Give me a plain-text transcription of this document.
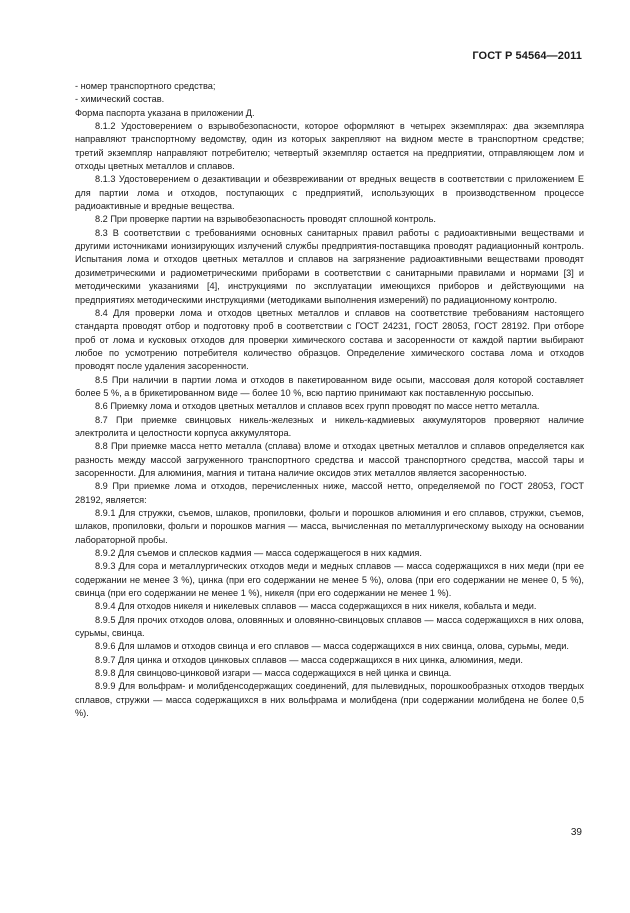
ГОСТ Р 54564—2011

- номер транспортного средства;

- химический состав.

Форма паспорта указана в приложении Д.

8.1.2 Удостоверением о взрывобезопасности, которое оформляют в четырех экземплярах: два экземпляра направляют транспортному ведомству, один из которых закрепляют на видном месте в транспортном средстве; третий экземпляр направляют потребителю; четвертый экземпляр остается на предприятии, отправляющем лом и отходы цветных металлов и сплавов.

8.1.3 Удостоверением о дезактивации и обезвреживании от вредных веществ в соответствии с приложением Е для партии лома и отходов, поступающих с предприятий, использующих в производственном процессе радиоактивные и вредные вещества.

8.2 При проверке партии на взрывобезопасность проводят сплошной контроль.

8.3 В соответствии с требованиями основных санитарных правил работы с радиоактивными веществами и другими источниками ионизирующих излучений службы предприятия-поставщика проводят радиационный контроль. Испытания лома и отходов цветных металлов и сплавов на загрязнение радиоактивными веществами проводят дозиметрическими и радиометрическими приборами в соответствии с санитарными правилами и нормами [3] и методическими указаниями [4], инструкциями по эксплуатации имеющихся приборов и действующими на предприятиях методическими инструкциями (методиками выполнения измерений) по радиационному контролю.

8.4 Для проверки лома и отходов цветных металлов и сплавов на соответствие требованиям настоящего стандарта проводят отбор и подготовку проб в соответствии с ГОСТ 24231, ГОСТ 28053, ГОСТ 28192. При отборе проб от лома и кусковых отходов для проверки химического состава и засоренности от каждой партии выбирают любое по усмотрению потребителя количество образцов. Определение химического состава лома и отходов проводят после удаления засоренности.

8.5 При наличии в партии лома и отходов в пакетированном виде осыпи, массовая доля которой составляет более 5 %, а в брикетированном виде — более 10 %, всю партию принимают как поставленную россыпью.

8.6 Приемку лома и отходов цветных металлов и сплавов всех групп проводят по массе нетто металла.

8.7 При приемке свинцовых никель-железных и никель-кадмиевых аккумуляторов проверяют наличие электролита и целостности корпуса аккумулятора.

8.8 При приемке масса нетто металла (сплава) вломе и отходах цветных металлов и сплавов определяется как разность между массой загруженного транспортного средства и массой транспортного средства, массой тары и засоренности. Для алюминия, магния и титана наличие оксидов этих металлов является засоренностью.

8.9 При приемке лома и отходов, перечисленных ниже, массой нетто, определяемой по ГОСТ 28053, ГОСТ 28192, является:

8.9.1 Для стружки, съемов, шлаков, пропиловки, фольги и порошков алюминия и его сплавов, стружки, съемов, шлаков, пропиловки, фольги и порошков магния — масса, вычисленная по металлургическому выходу на основании лабораторной пробы.

8.9.2 Для съемов и сплесков кадмия — масса содержащегося в них кадмия.

8.9.3 Для сора и металлургических отходов меди и медных сплавов — масса содержащихся в них меди (при ее содержании не менее 3 %), цинка (при его содержании не менее 5 %), олова (при его содержании не менее 0, 5 %), свинца (при его содержании не менее 1 %), никеля (при его содержании не менее 1 %).

8.9.4 Для отходов никеля и никелевых сплавов — масса содержащихся в них никеля, кобальта и меди.

8.9.5 Для прочих отходов олова, оловянных и оловянно-свинцовых сплавов — масса содержащихся в них олова, сурьмы, свинца.

8.9.6 Для шламов и отходов свинца и его сплавов — масса содержащихся в них свинца, олова, сурьмы, меди.

8.9.7 Для цинка и отходов цинковых сплавов — масса содержащихся в них цинка, алюминия, меди.

8.9.8 Для свинцово-цинковой изгари — масса содержащихся в ней цинка и свинца.

8.9.9 Для вольфрам- и молибденсодержащих соединений, для пылевидных, порошкообразных отходов твердых сплавов, стружки — масса содержащихся в них вольфрама и молибдена (при содержании молибдена не более 0,5 %).

39
